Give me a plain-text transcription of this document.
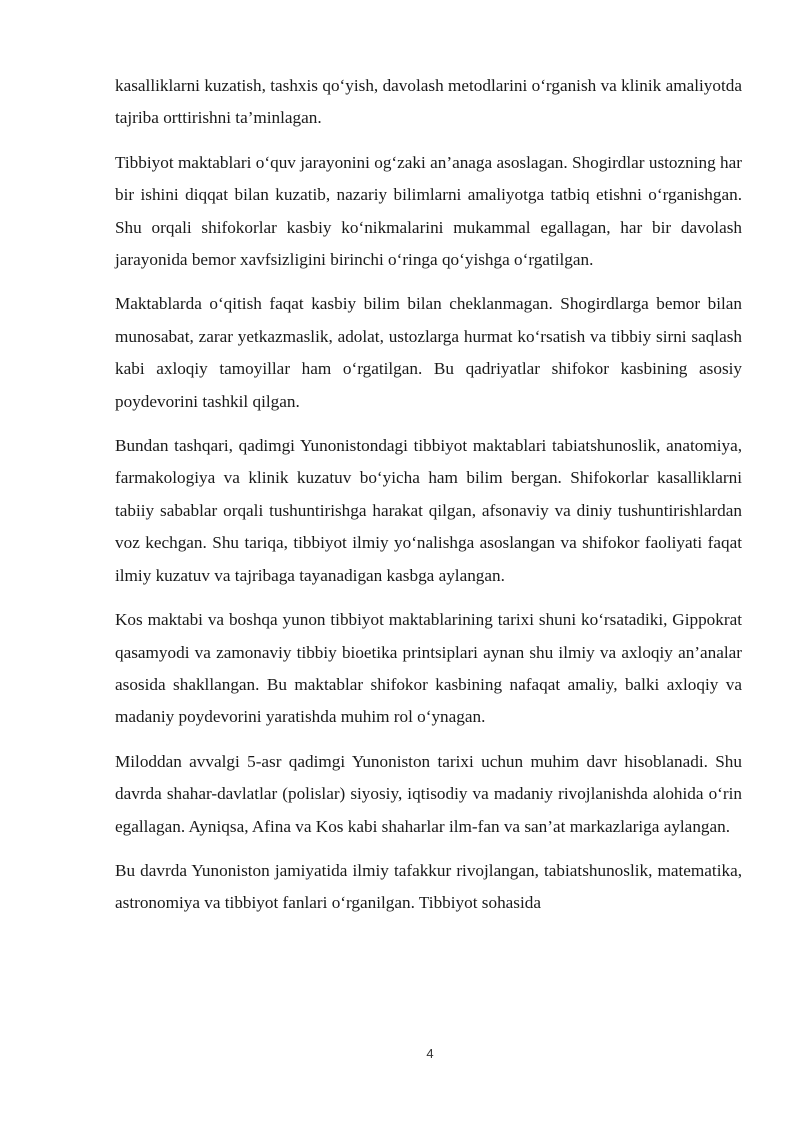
kasalliklarni kuzatish, tashxis qo‘yish, davolash metodlarini o‘rganish va klinik amaliyotda tajriba orttirishni ta’minlagan.

Tibbiyot maktablari o‘quv jarayonini og‘zaki an’anaga asoslagan. Shogirdlar ustozning har bir ishini diqqat bilan kuzatib, nazariy bilimlarni amaliyotga tatbiq etishni o‘rganishgan. Shu orqali shifokorlar kasbiy ko‘nikmalarini mukammal egallagan, har bir davolash jarayonida bemor xavfsizligini birinchi o‘ringa qo‘yishga o‘rgatilgan.

Maktablarda o‘qitish faqat kasbiy bilim bilan cheklanmagan. Shogirdlarga bemor bilan munosabat, zarar yetkazmaslik, adolat, ustozlarga hurmat ko‘rsatish va tibbiy sirni saqlash kabi axloqiy tamoyillar ham o‘rgatilgan. Bu qadriyatlar shifokor kasbining asosiy poydevorini tashkil qilgan.

Bundan tashqari, qadimgi Yunonistondagi tibbiyot maktablari tabiatshunoslik, anatomiya, farmakologiya va klinik kuzatuv bo‘yicha ham bilim bergan. Shifokorlar kasalliklarni tabiiy sabablar orqali tushuntirishga harakat qilgan, afsonaviy va diniy tushuntirishlardan voz kechgan. Shu tariqa, tibbiyot ilmiy yo‘nalishga asoslangan va shifokor faoliyati faqat ilmiy kuzatuv va tajribaga tayanadigan kasbga aylangan.

Kos maktabi va boshqa yunon tibbiyot maktablarining tarixi shuni ko‘rsatadiki, Gippokrat qasamyodi va zamonaviy tibbiy bioetika printsiplari aynan shu ilmiy va axloqiy an’analar asosida shakllangan. Bu maktablar shifokor kasbining nafaqat amaliy, balki axloqiy va madaniy poydevorini yaratishda muhim rol o‘ynagan.

Miloddan avvalgi 5-asr qadimgi Yunoniston tarixi uchun muhim davr hisoblanadi. Shu davrda shahar-davlatlar (polislar) siyosiy, iqtisodiy va madaniy rivojlanishda alohida o‘rin egallagan. Ayniqsa, Afina va Kos kabi shaharlar ilm-fan va san’at markazlariga aylangan.

Bu davrda Yunoniston jamiyatida ilmiy tafakkur rivojlangan, tabiatshunoslik, matematika, astronomiya va tibbiyot fanlari o‘rganilgan. Tibbiyot sohasida

4
